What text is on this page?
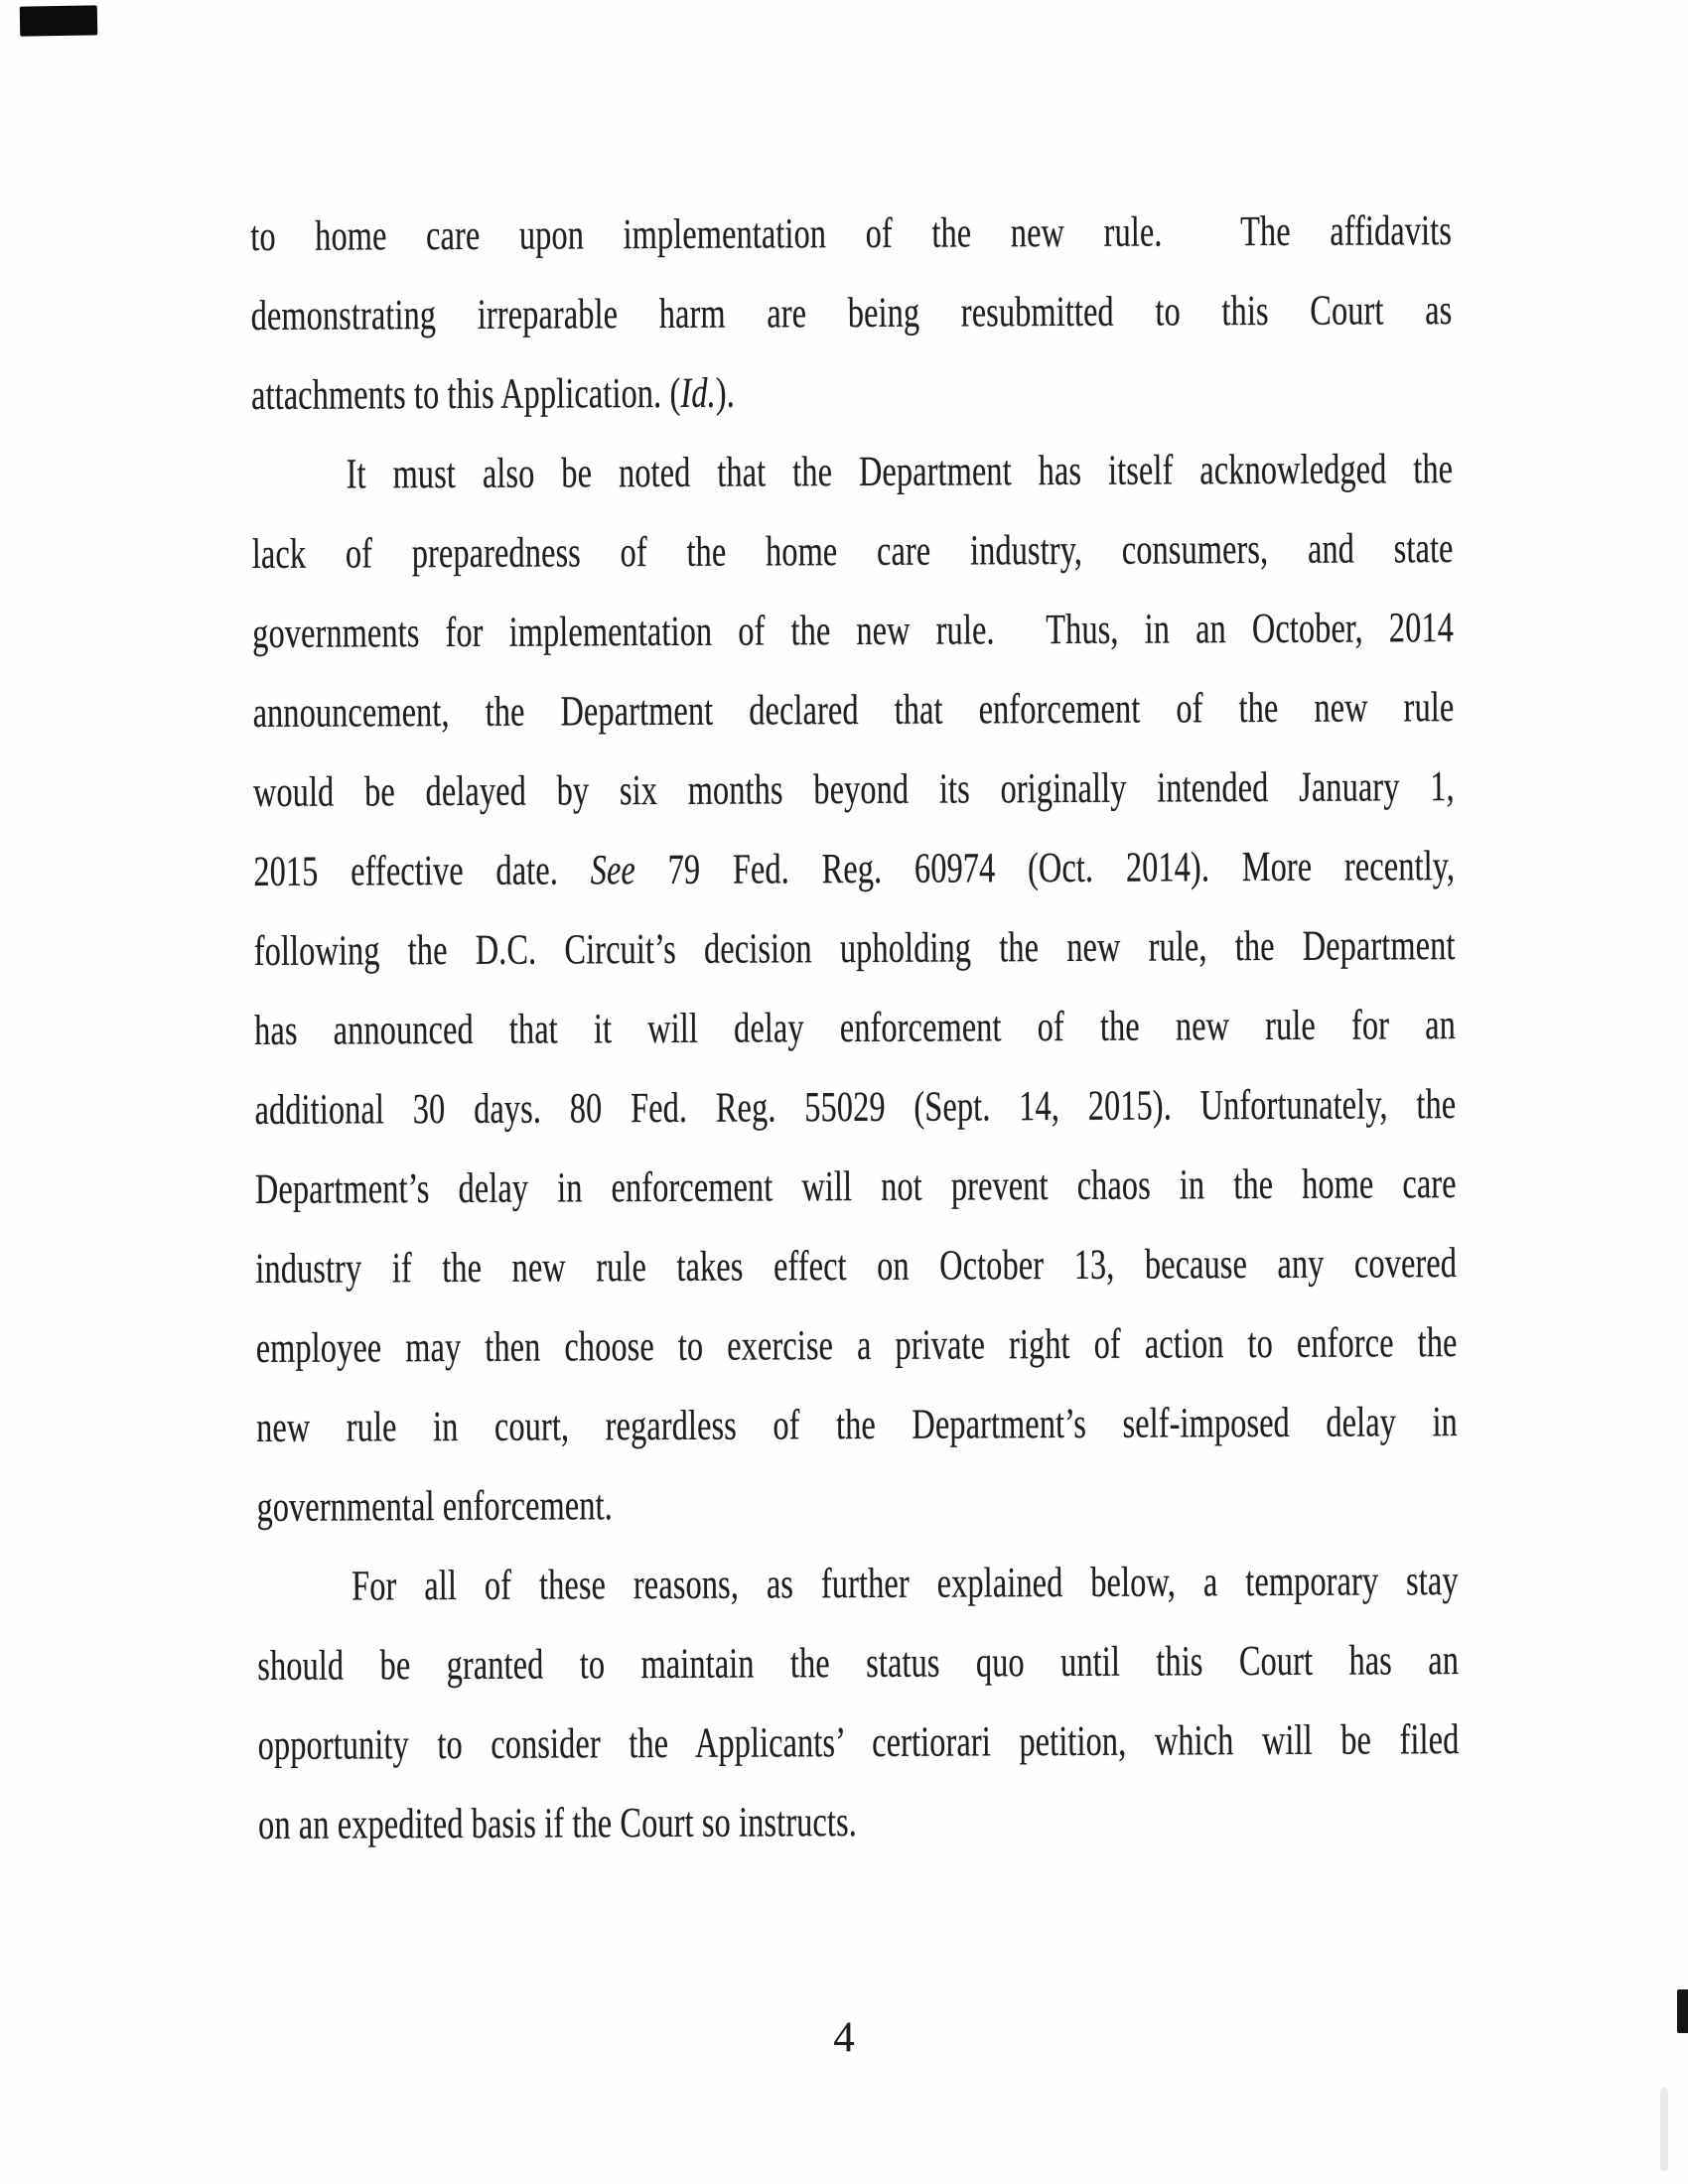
to home care upon implementation of the new rule.  The affidavits
demonstrating irreparable harm are being resubmitted to this Court as
attachments to this Application. (Id.).
It must also be noted that the Department has itself acknowledged the
lack of preparedness of the home care industry, consumers, and state
governments for implementation of the new rule.  Thus, in an October, 2014
announcement, the Department declared that enforcement of the new rule
would be delayed by six months beyond its originally intended January 1,
2015 effective date. See 79 Fed. Reg. 60974 (Oct. 2014). More recently,
following the D.C. Circuit’s decision upholding the new rule, the Department
has announced that it will delay enforcement of the new rule for an
additional 30 days. 80 Fed. Reg. 55029 (Sept. 14, 2015). Unfortunately, the
Department’s delay in enforcement will not prevent chaos in the home care
industry if the new rule takes effect on October 13, because any covered
employee may then choose to exercise a private right of action to enforce the
new rule in court, regardless of the Department’s self-imposed delay in
governmental enforcement.
For all of these reasons, as further explained below, a temporary stay
should be granted to maintain the status quo until this Court has an
opportunity to consider the Applicants’ certiorari petition, which will be filed
on an expedited basis if the Court so instructs.
4
